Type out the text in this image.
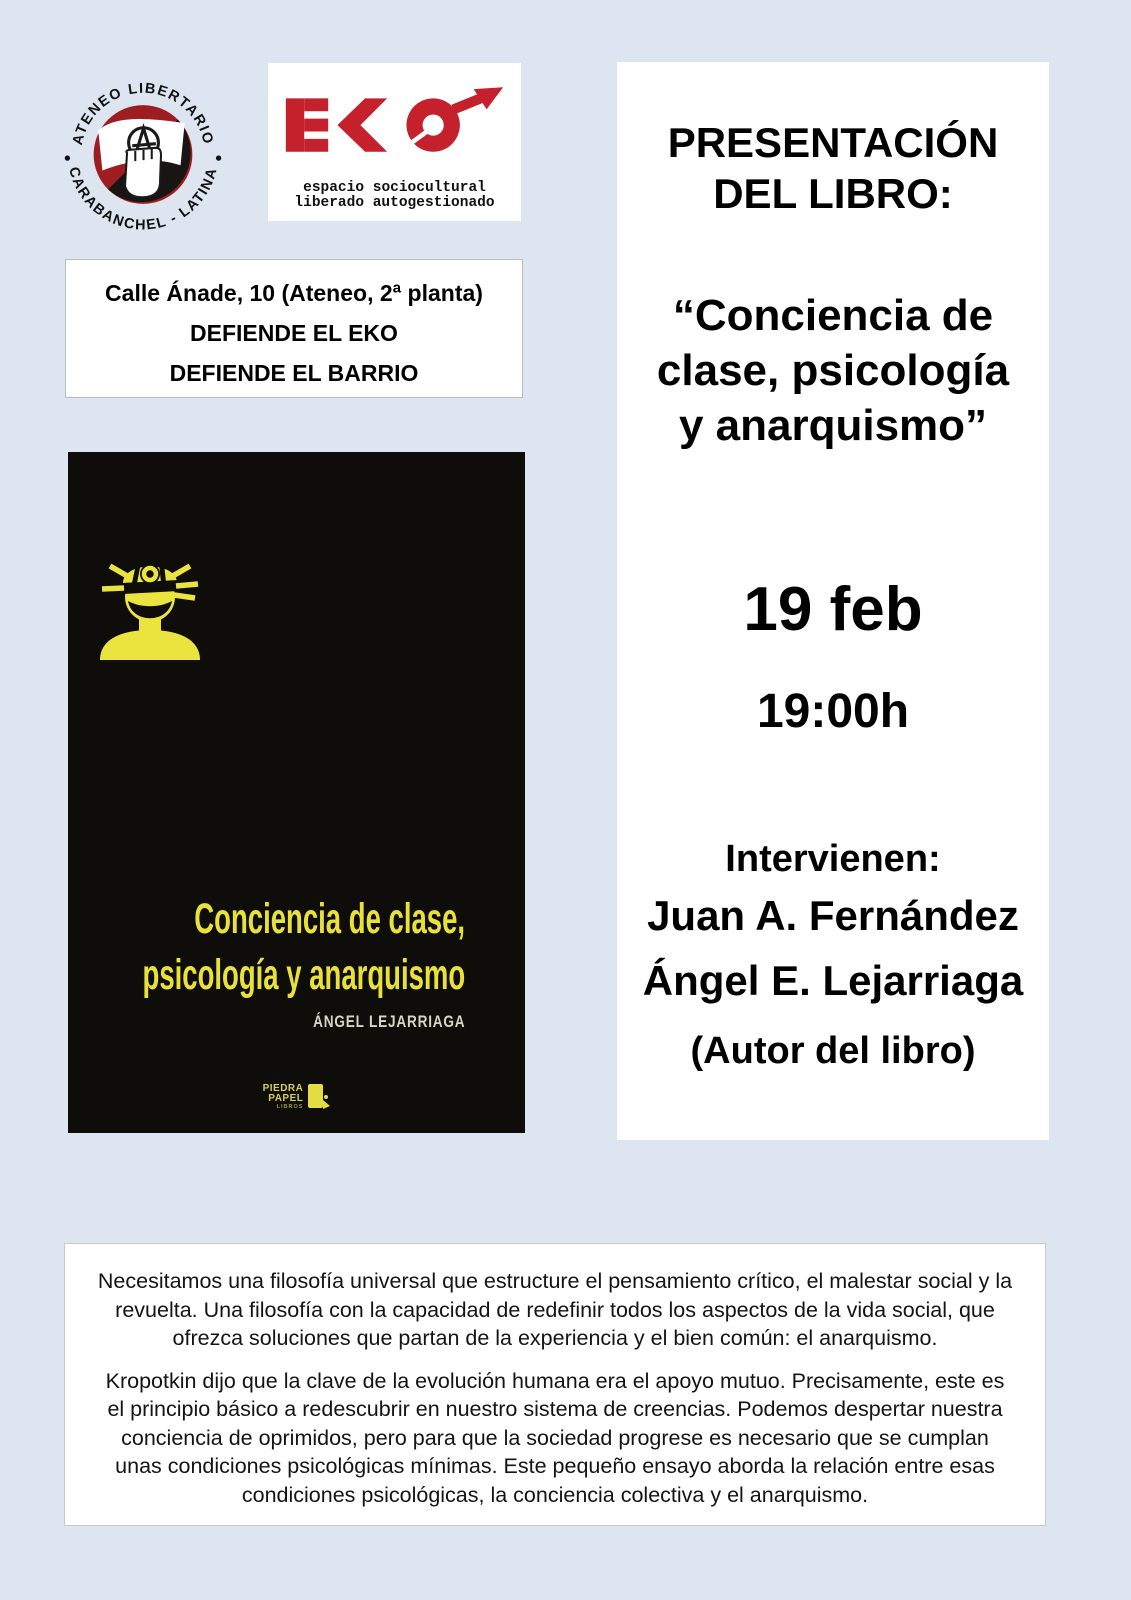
ATENEO LIBERTARIO
CARABANCHEL - LATINA
espacio sociocultural
liberado autogestionado
Calle Ánade, 10 (Ateneo, 2ª planta)
DEFIENDE EL EKO
DEFIENDE EL BARRIO
Conciencia de clase,
psicología y anarquismo
ÁNGEL LEJARRIAGA
PIEDRA
PAPEL
LIBROS
PRESENTACIÓN
DEL LIBRO:
“Conciencia de
clase, psicología
y anarquismo”
19 feb
19:00h
Intervienen:
Juan A. Fernández
Ángel E. Lejarriaga
(Autor del libro)

Necesitamos una filosofía universal que estructure el pensamiento crítico, el malestar social y la revuelta. Una filosofía con la capacidad de redefinir todos los aspectos de la vida social, que ofrezca soluciones que partan de la experiencia y el bien común: el anarquismo.

Kropotkin dijo que la clave de la evolución humana era el apoyo mutuo. Precisamente, este es el principio básico a redescubrir en nuestro sistema de creencias. Podemos despertar nuestra conciencia de oprimidos, pero para que la sociedad progrese es necesario que se cumplan unas condiciones psicológicas mínimas. Este pequeño ensayo aborda la relación entre esas condiciones psicológicas, la conciencia colectiva y el anarquismo.
